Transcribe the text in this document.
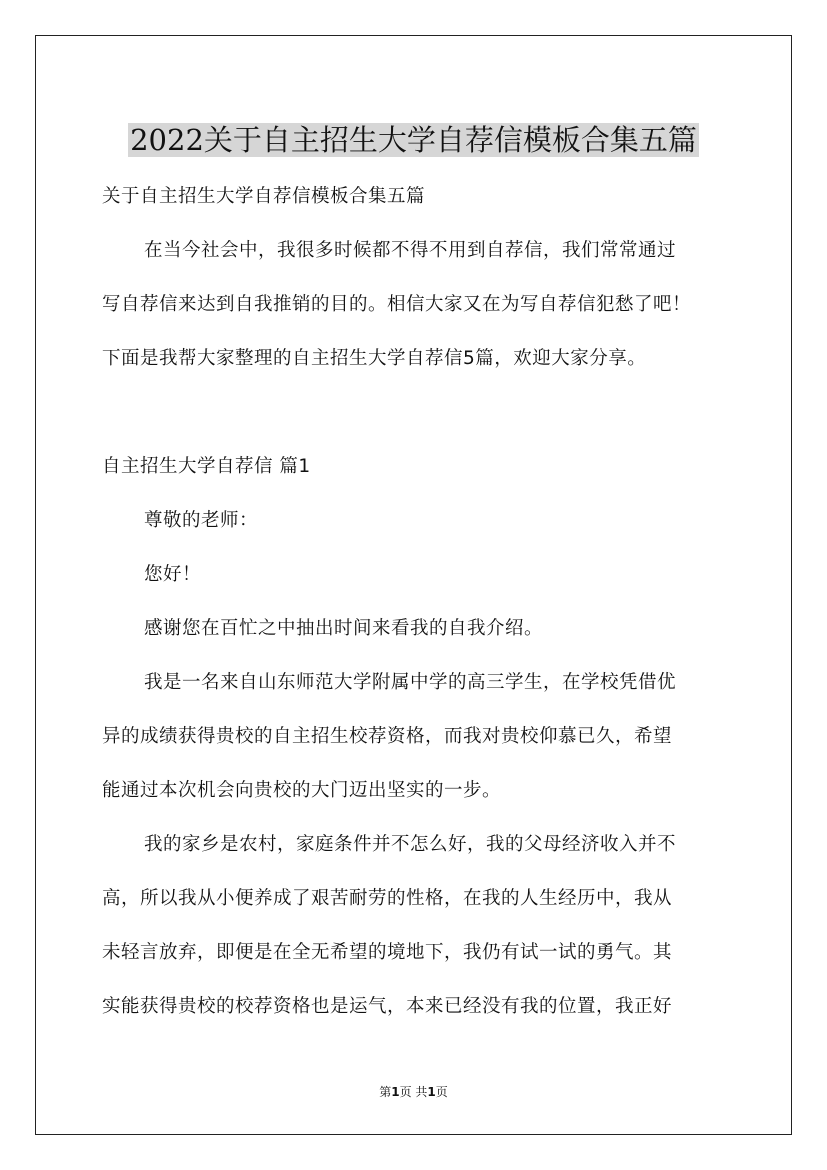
2022关于自主招生大学自荐信模板合集五篇
关于自主招生大学自荐信模板合集五篇
在当今社会中，我很多时候都不得不用到自荐信，我们常常通过
写自荐信来达到自我推销的目的。相信大家又在为写自荐信犯愁了吧！
下面是我帮大家整理的自主招生大学自荐信5篇，欢迎大家分享。
自主招生大学自荐信 篇1
尊敬的老师：
您好！
感谢您在百忙之中抽出时间来看我的自我介绍。
我是一名来自山东师范大学附属中学的高三学生，在学校凭借优
异的成绩获得贵校的自主招生校荐资格，而我对贵校仰慕已久，希望
能通过本次机会向贵校的大门迈出坚实的一步。
我的家乡是农村，家庭条件并不怎么好，我的父母经济收入并不
高，所以我从小便养成了艰苦耐劳的性格，在我的人生经历中，我从
未轻言放弃，即便是在全无希望的境地下，我仍有试一试的勇气。其
实能获得贵校的校荐资格也是运气，本来已经没有我的位置，我正好
第1页 共1页
